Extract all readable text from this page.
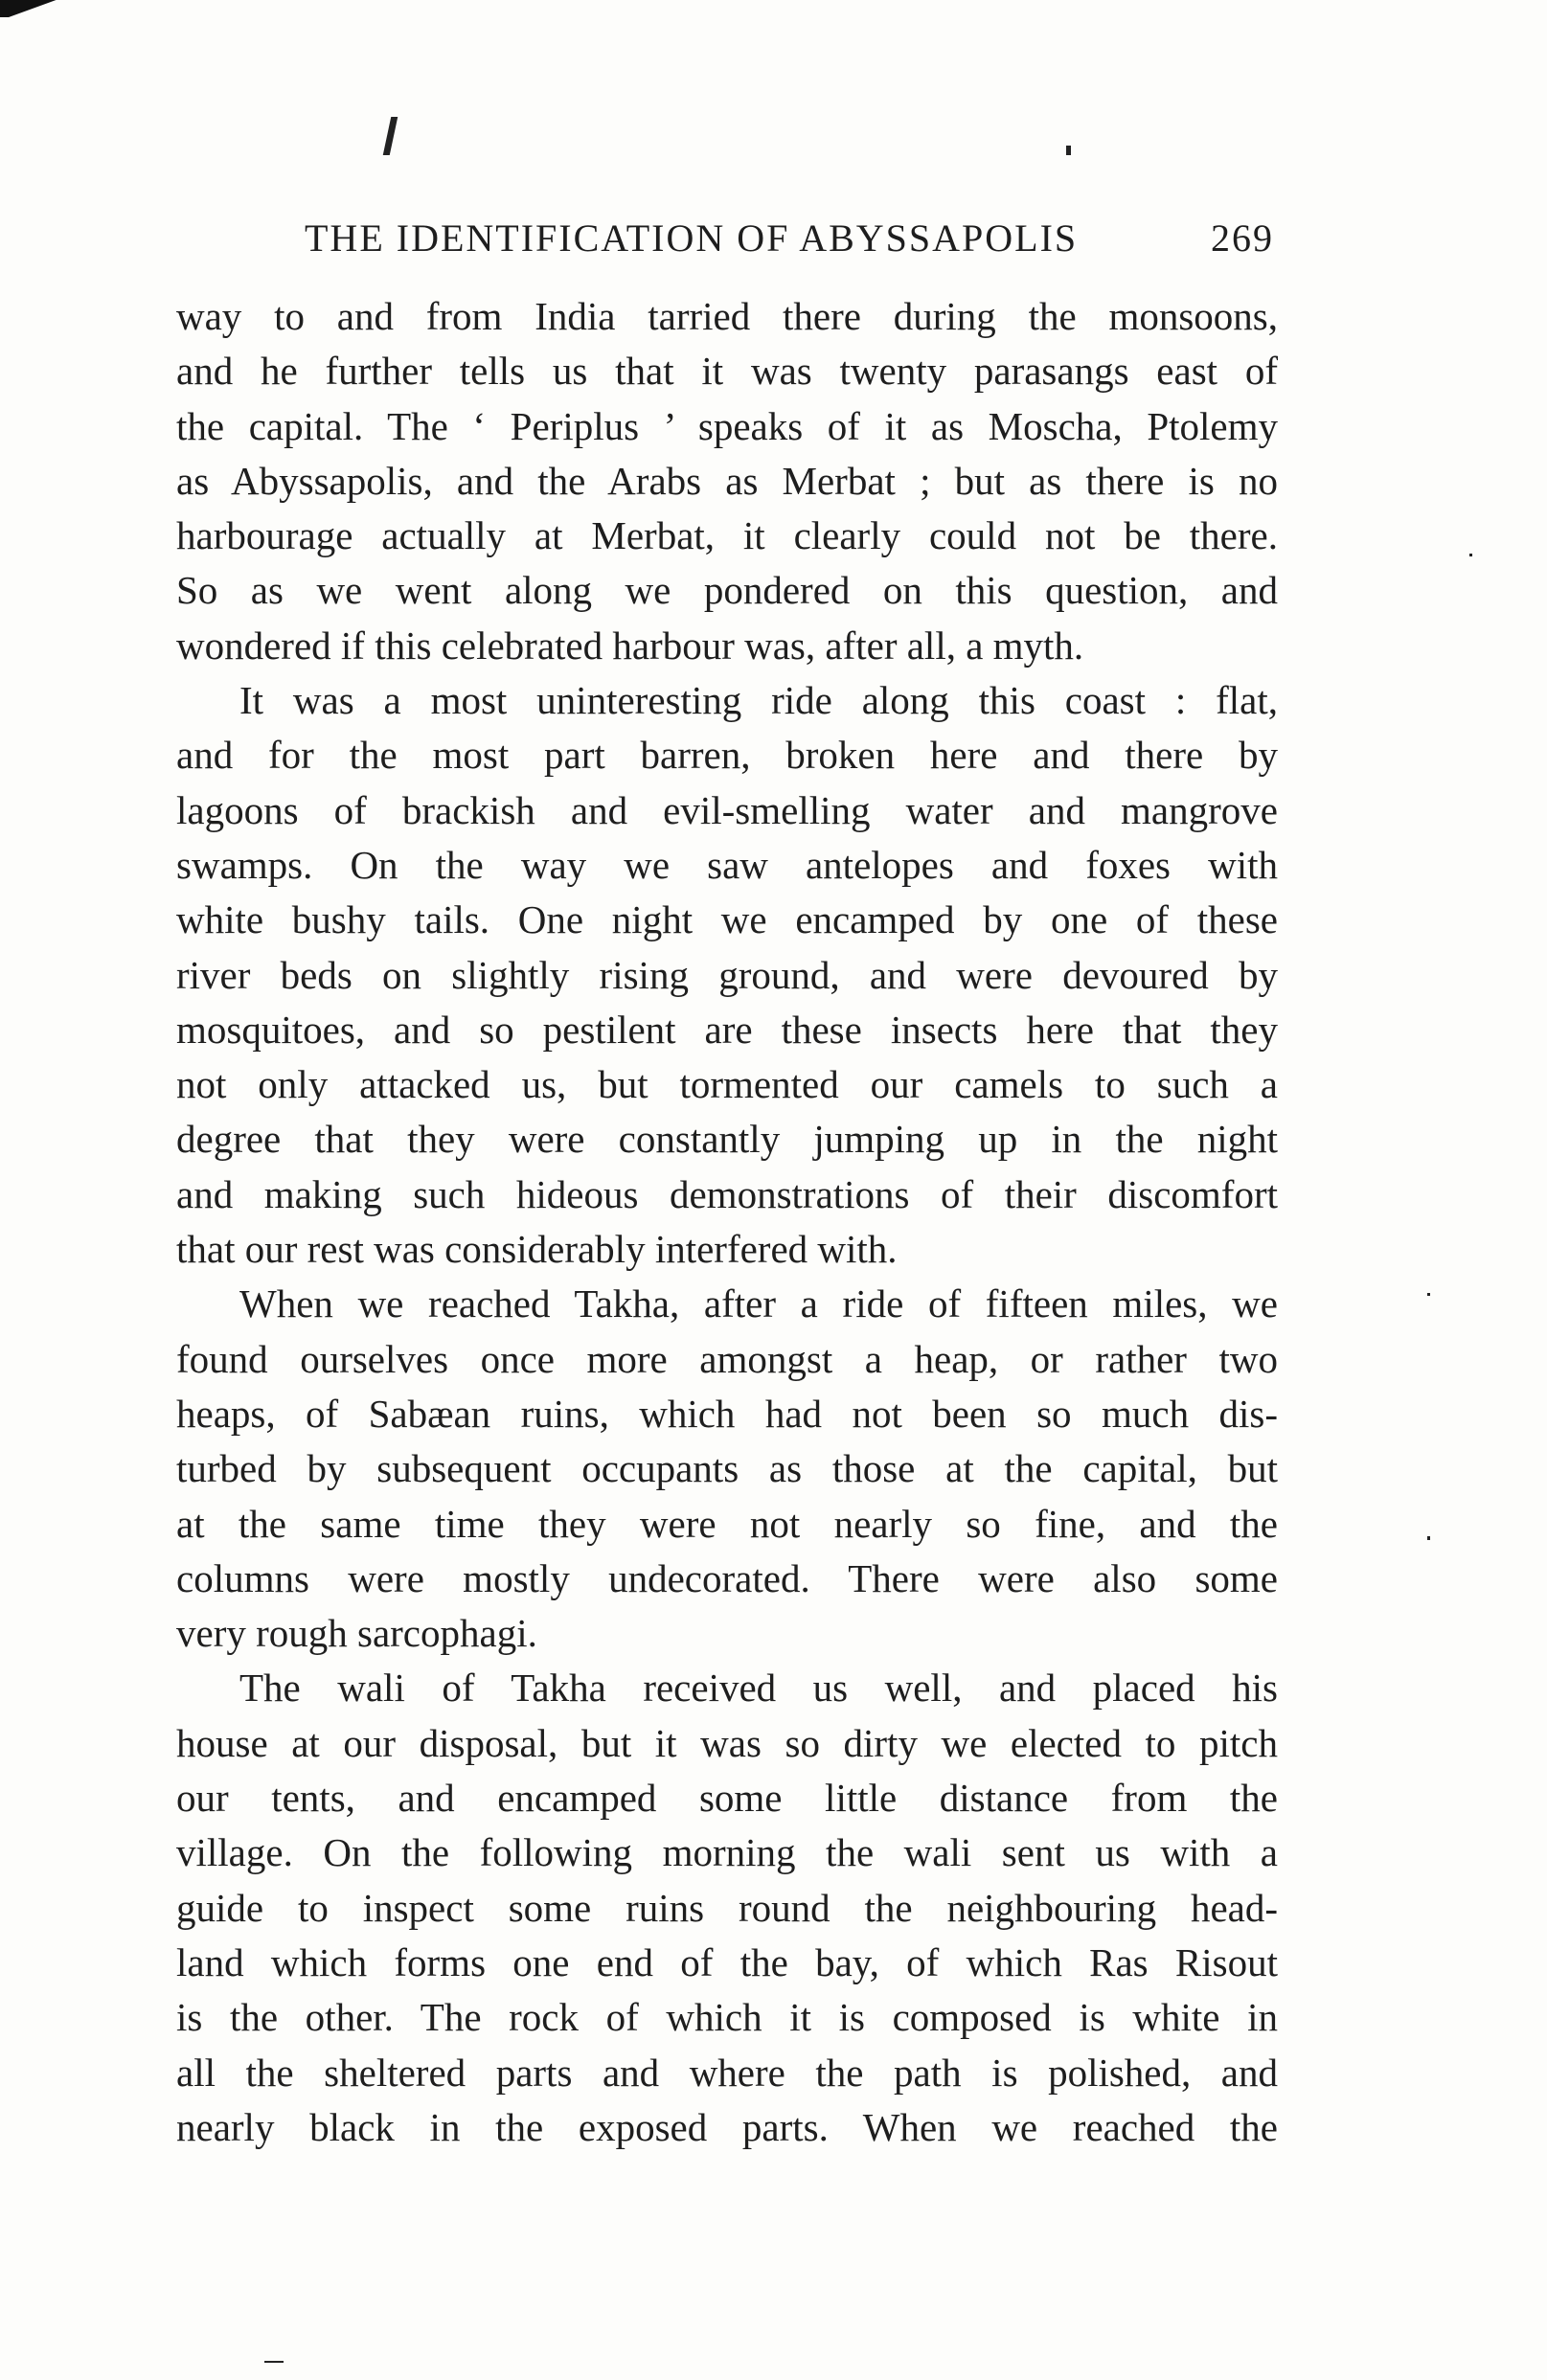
THE IDENTIFICATION OF ABYSSAPOLIS	269
way to and from India tarried there during the monsoons,
and he further tells us that it was twenty parasangs east of
the capital. The ‘ Periplus ’ speaks of it as Moscha, Ptolemy
as Abyssapolis, and the Arabs as Merbat ; but as there is no
harbourage actually at Merbat, it clearly could not be there.
So as we went along we pondered on this question, and
wondered if this celebrated harbour was, after all, a myth.
It was a most uninteresting ride along this coast : flat,
and for the most part barren, broken here and there by
lagoons of brackish and evil-smelling water and mangrove
swamps. On the way we saw antelopes and foxes with
white bushy tails. One night we encamped by one of these
river beds on slightly rising ground, and were devoured by
mosquitoes, and so pestilent are these insects here that they
not only attacked us, but tormented our camels to such a
degree that they were constantly jumping up in the night
and making such hideous demonstrations of their discomfort
that our rest was considerably interfered with.
When we reached Takha, after a ride of fifteen miles, we
found ourselves once more amongst a heap, or rather two
heaps, of Sabæan ruins, which had not been so much dis-
turbed by subsequent occupants as those at the capital, but
at the same time they were not nearly so fine, and the
columns were mostly undecorated. There were also some
very rough sarcophagi.
The wali of Takha received us well, and placed his
house at our disposal, but it was so dirty we elected to pitch
our tents, and encamped some little distance from the
village. On the following morning the wali sent us with a
guide to inspect some ruins round the neighbouring head-
land which forms one end of the bay, of which Ras Risout
is the other. The rock of which it is composed is white in
all the sheltered parts and where the path is polished, and
nearly black in the exposed parts. When we reached the
